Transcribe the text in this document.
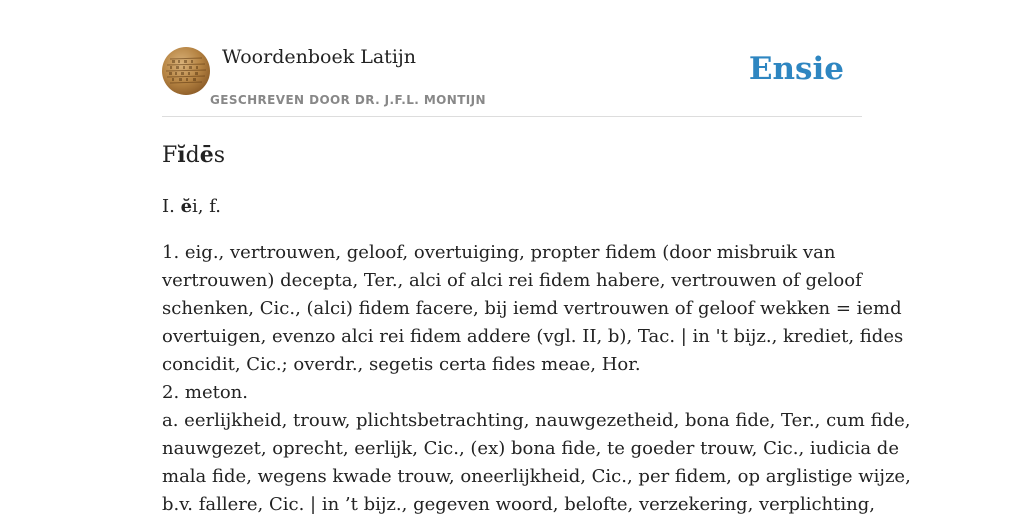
Woordenboek Latijn
GESCHREVEN DOOR DR. J.F.L. MONTIJN
Ensie
Fĭdēs
I. ĕi, f.
1. eig., vertrouwen, geloof, overtuiging, propter fidem (door misbruik van
vertrouwen) decepta, Ter., alci of alci rei fidem habere, vertrouwen of geloof
schenken, Cic., (alci) fidem facere, bij iemd vertrouwen of geloof wekken = iemd
overtuigen, evenzo alci rei fidem addere (vgl. II, b), Tac. | in 't bijz., krediet, fides
concidit, Cic.; overdr., segetis certa fides meae, Hor.
2. meton.
a. eerlijkheid, trouw, plichtsbetrachting, nauwgezetheid, bona fide, Ter., cum fide,
nauwgezet, oprecht, eerlijk, Cic., (ex) bona fide, te goeder trouw, Cic., iudicia de
mala fide, wegens kwade trouw, oneerlijkheid, Cic., per fidem, op arglistige wijze,
b.v. fallere, Cic. | in ’t bijz., gegeven woord, belofte, verzekering, verplichting,
